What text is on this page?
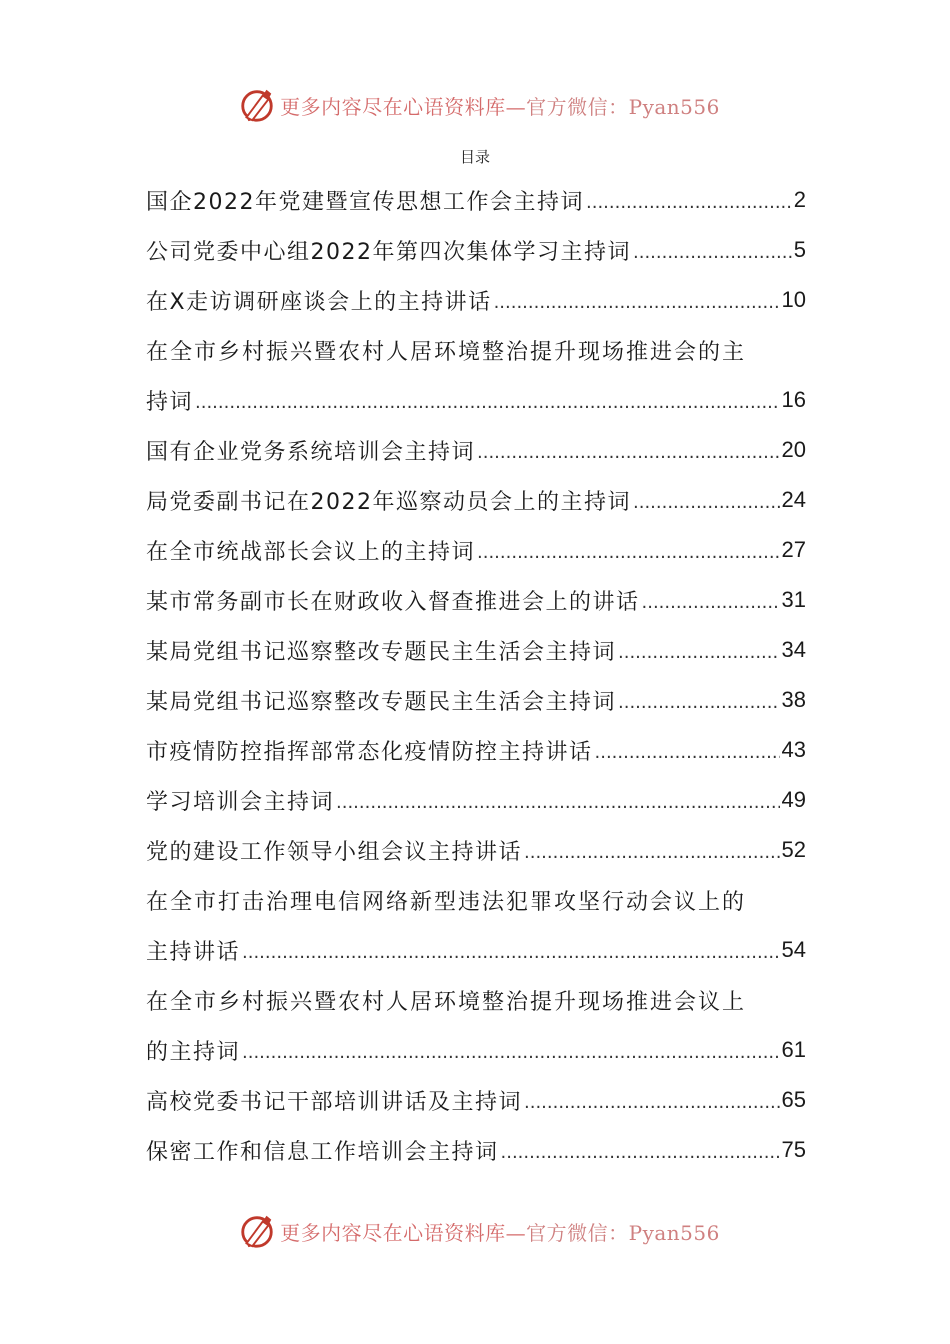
更多内容尽在心语资料库—官方微信：Pyan556
目录
国企2022年党建暨宣传思想工作会主持词 .....	2
公司党委中心组2022年第四次集体学习主持词 .....	5
在X走访调研座谈会上的主持讲话 .....	10
在全市乡村振兴暨农村人居环境整治提升现场推进会的主
持词 .....	16
国有企业党务系统培训会主持词 .....	20
局党委副书记在2022年巡察动员会上的主持词 .....	24
在全市统战部长会议上的主持词 .....	27
某市常务副市长在财政收入督查推进会上的讲话 .....	31
某局党组书记巡察整改专题民主生活会主持词 .....	34
某局党组书记巡察整改专题民主生活会主持词 .....	38
市疫情防控指挥部常态化疫情防控主持讲话 .....	43
学习培训会主持词 .....	49
党的建设工作领导小组会议主持讲话 .....	52
在全市打击治理电信网络新型违法犯罪攻坚行动会议上的
主持讲话 .....	54
在全市乡村振兴暨农村人居环境整治提升现场推进会议上
的主持词 .....	61
高校党委书记干部培训讲话及主持词 .....	65
保密工作和信息工作培训会主持词 .....	75
更多内容尽在心语资料库—官方微信：Pyan556
